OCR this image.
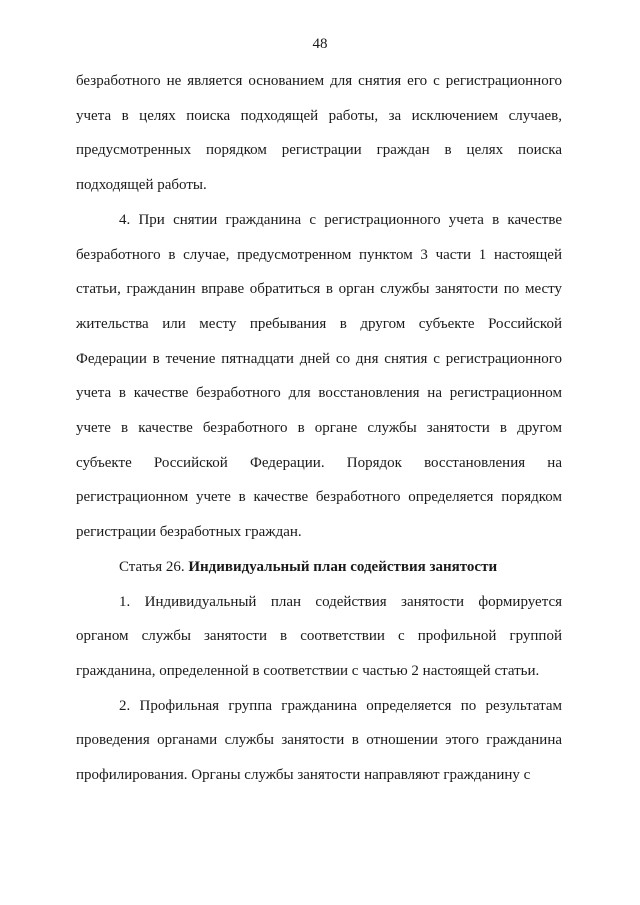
48

безработного не является основанием для снятия его с регистрационного учета в целях поиска подходящей работы, за исключением случаев, предусмотренных порядком регистрации граждан в целях поиска подходящей работы.

4. При снятии гражданина с регистрационного учета в качестве безработного в случае, предусмотренном пунктом 3 части 1 настоящей статьи, гражданин вправе обратиться в орган службы занятости по месту жительства или месту пребывания в другом субъекте Российской Федерации в течение пятнадцати дней со дня снятия с регистрационного учета в качестве безработного для восстановления на регистрационном учете в качестве безработного в органе службы занятости в другом субъекте Российской Федерации. Порядок восстановления на регистрационном учете в качестве безработного определяется порядком регистрации безработных граждан.

Статья 26. Индивидуальный план содействия занятости

1. Индивидуальный план содействия занятости формируется органом службы занятости в соответствии с профильной группой гражданина, определенной в соответствии с частью 2 настоящей статьи.

2. Профильная группа гражданина определяется по результатам проведения органами службы занятости в отношении этого гражданина профилирования. Органы службы занятости направляют гражданину с
